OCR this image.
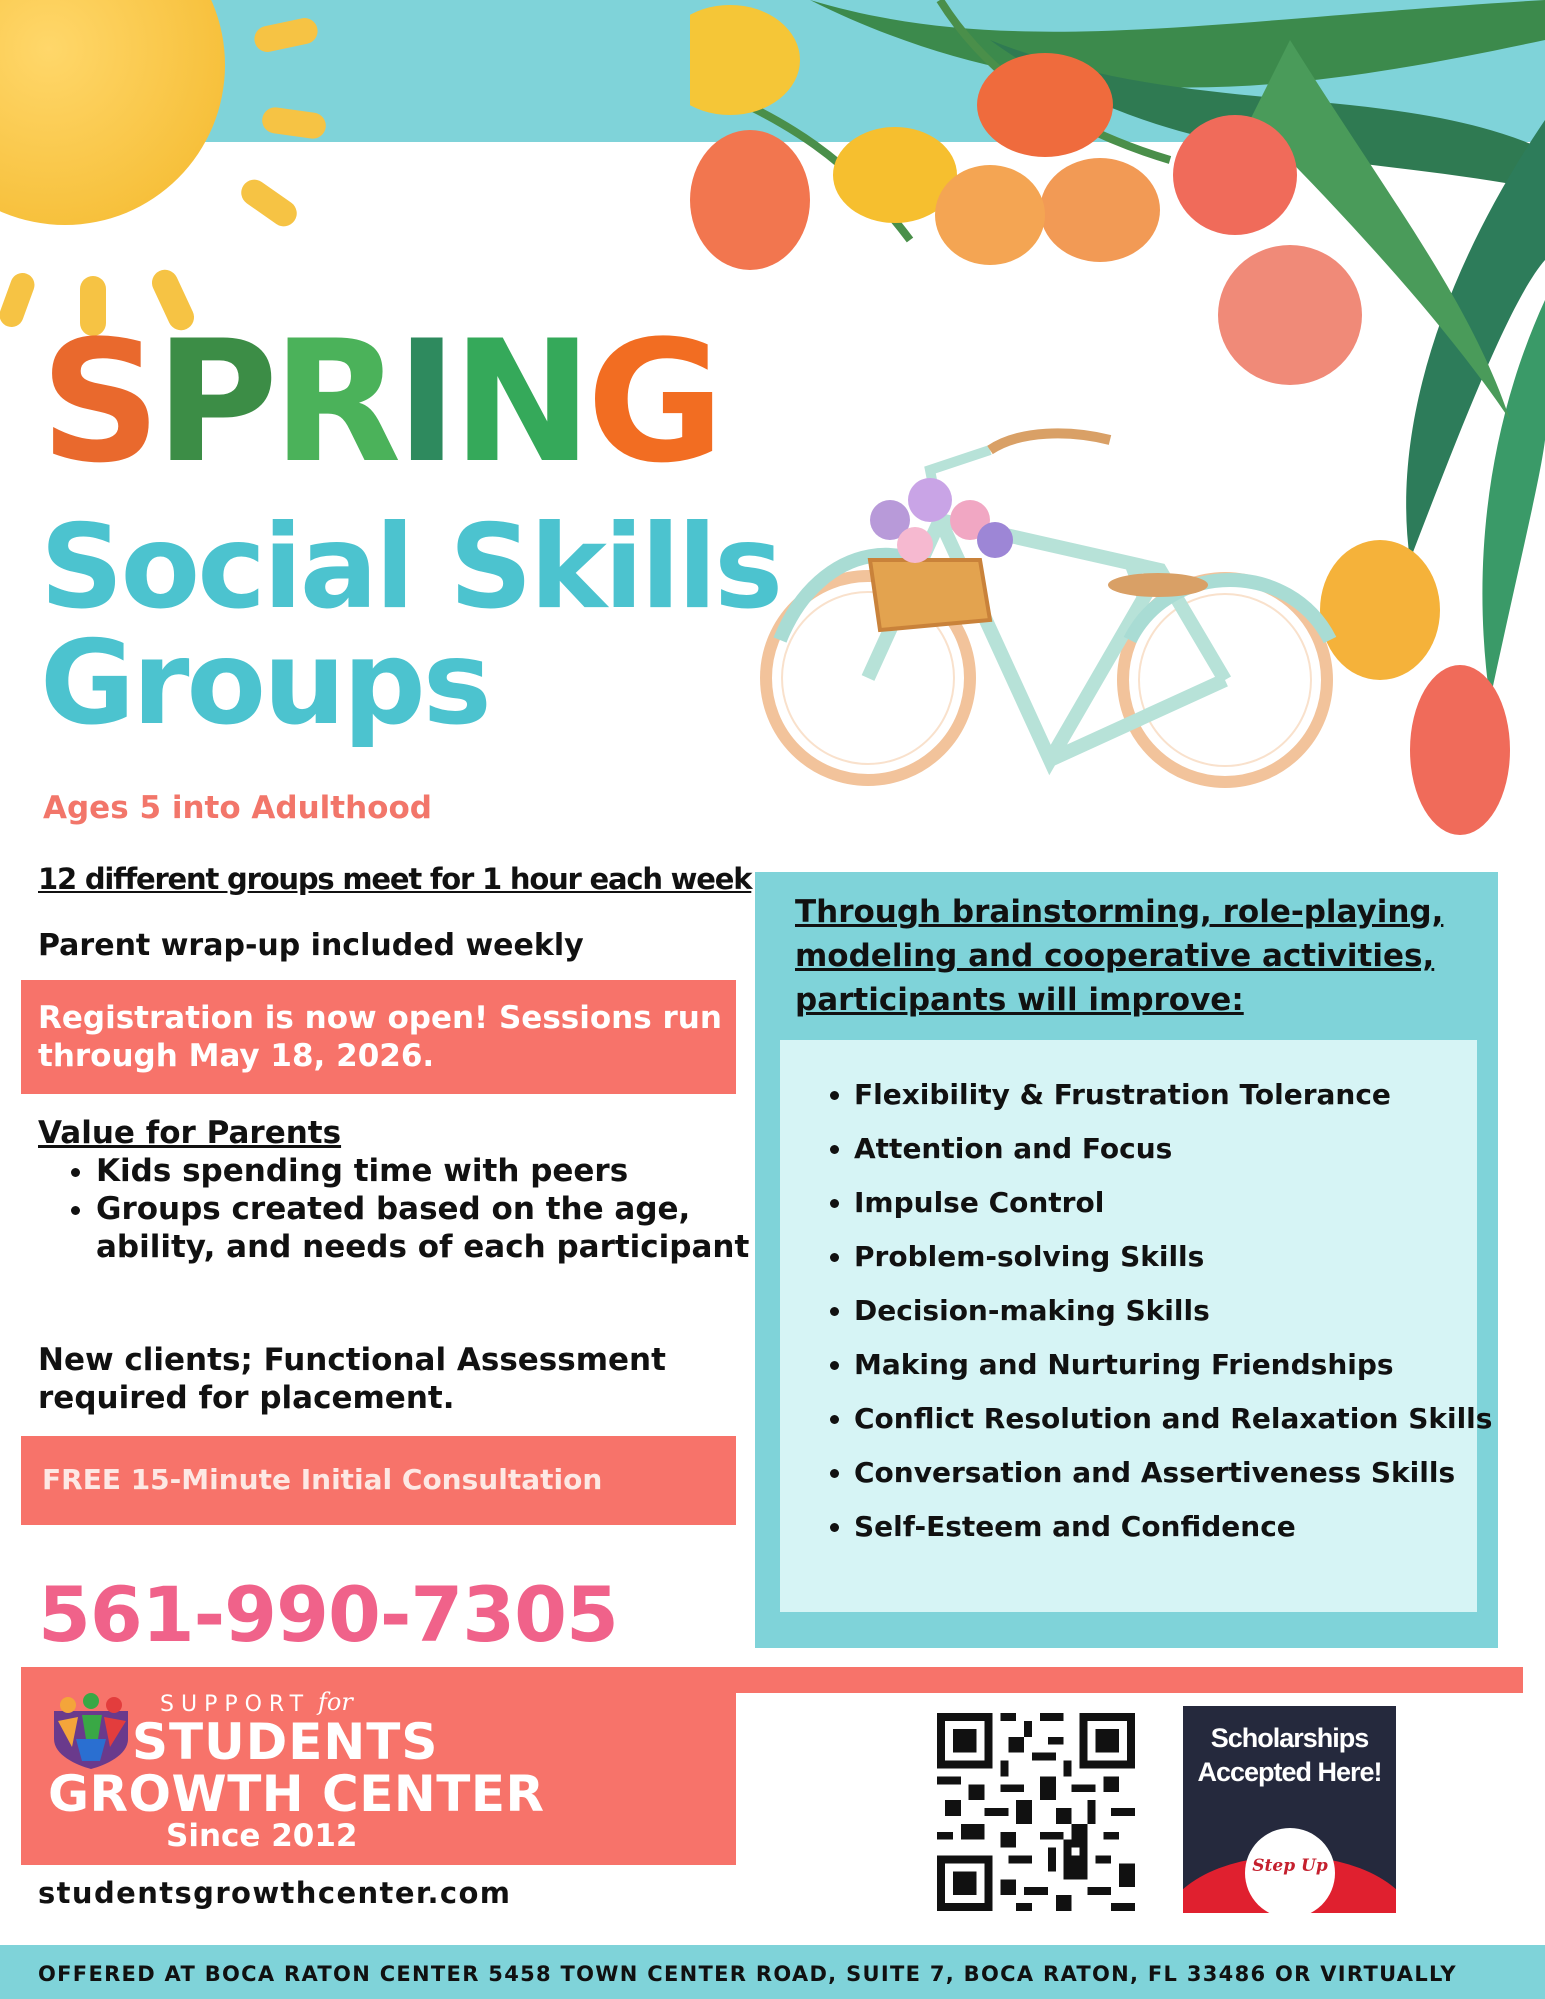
SPRING
Social Skills
Groups
Ages 5 into Adulthood
12 different groups meet for 1 hour each week
Parent wrap-up included weekly
Registration is now open! Sessions run through May 18, 2026.
Value for Parents
• Kids spending time with peers
• Groups created based on the age, ability, and needs of each participant
New clients; Functional Assessment required for placement.
FREE 15-Minute Initial Consultation
561-990-7305
Through brainstorming, role-playing, modeling and cooperative activities, participants will improve:
• Flexibility & Frustration Tolerance
• Attention and Focus
• Impulse Control
• Problem-solving Skills
• Decision-making Skills
• Making and Nurturing Friendships
• Conflict Resolution and Relaxation Skills
• Conversation and Assertiveness Skills
• Self-Esteem and Confidence
SUPPORT for
STUDENTS
GROWTH CENTER
Since 2012
studentsgrowthcenter.com
Step Up
Scholarships
Accepted Here!
OFFERED AT BOCA RATON CENTER 5458 TOWN CENTER ROAD, SUITE 7, BOCA RATON, FL 33486 OR VIRTUALLY
